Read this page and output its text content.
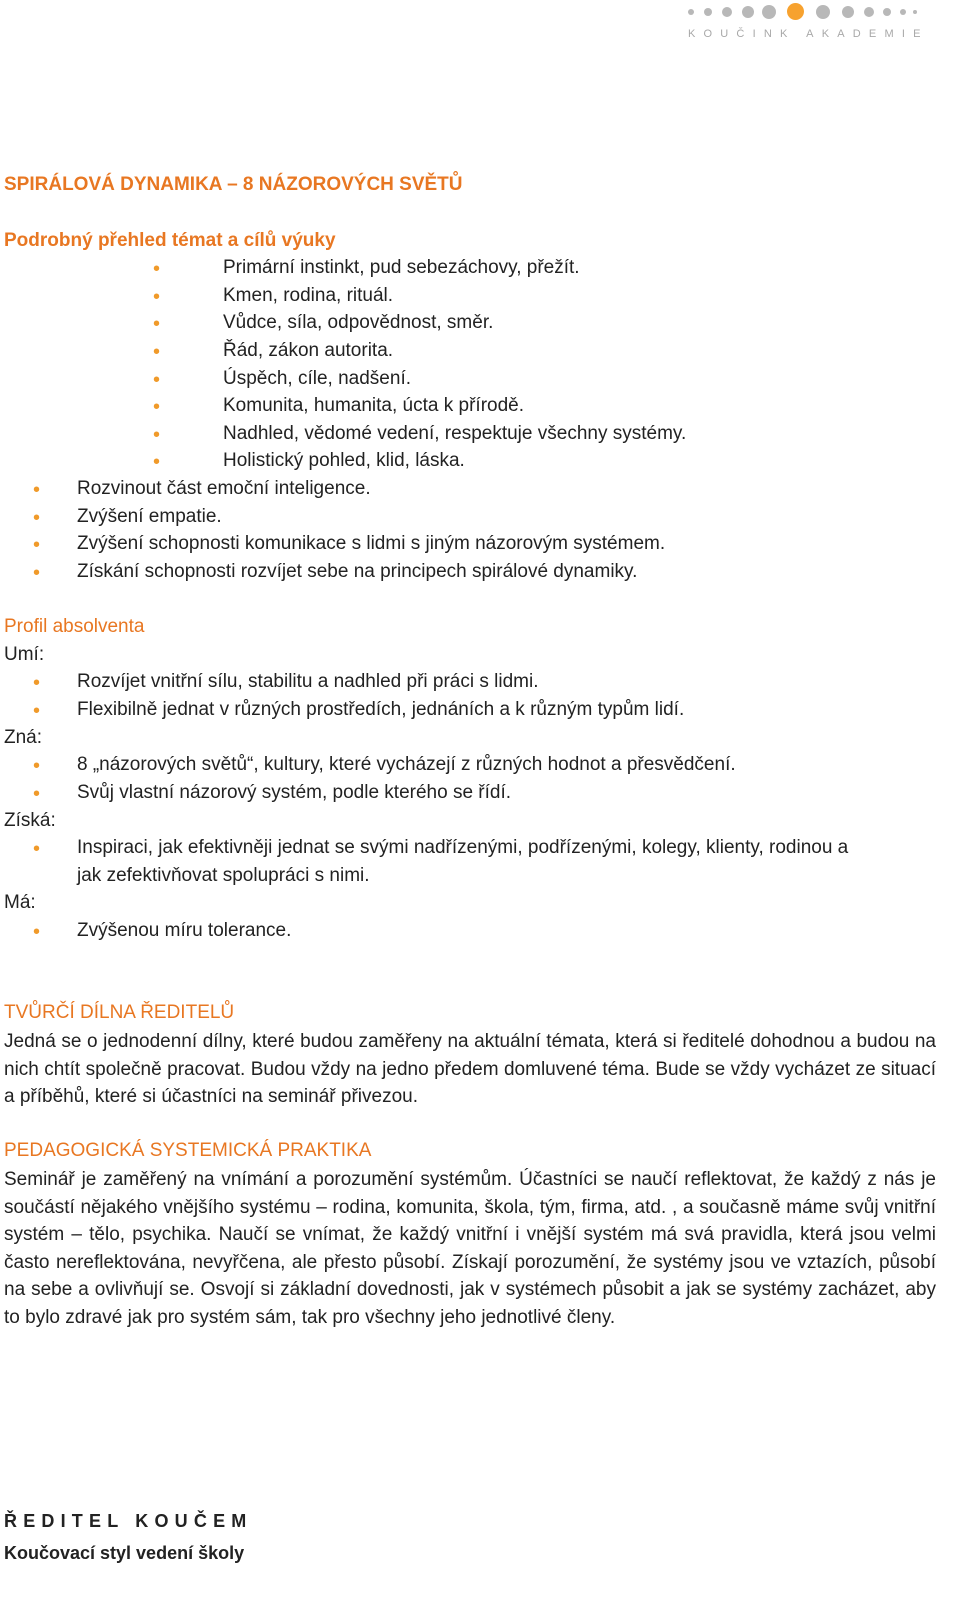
KOUČINK AKADEMIE
SPIRÁLOVÁ DYNAMIKA – 8 NÁZOROVÝCH SVĚTŮ
Podrobný přehled témat a cílů výuky
•	Primární instinkt, pud sebezáchovy, přežít.
•	Kmen, rodina, rituál.
•	Vůdce, síla, odpovědnost, směr.
•	Řád, zákon autorita.
•	Úspěch, cíle, nadšení.
•	Komunita, humanita, úcta k přírodě.
•	Nadhled, vědomé vedení, respektuje všechny systémy.
•	Holistický pohled, klid, láska.
• Rozvinout část emoční inteligence.
• Zvýšení empatie.
• Zvýšení schopnosti komunikace s lidmi s jiným názorovým systémem.
• Získání schopnosti rozvíjet sebe na principech spirálové dynamiky.
Profil absolventa
Umí:
• Rozvíjet vnitřní sílu, stabilitu a nadhled při práci s lidmi.
• Flexibilně jednat v různých prostředích, jednáních a k různým typům lidí.
Zná:
• 8 „názorových světů“, kultury, které vycházejí z různých hodnot a přesvědčení.
• Svůj vlastní názorový systém, podle kterého se řídí.
Získá:
• Inspiraci, jak efektivněji jednat se svými nadřízenými, podřízenými, kolegy, klienty, rodinou a
jak zefektivňovat spolupráci s nimi.
Má:
• Zvýšenou míru tolerance.
TVŮRČÍ DÍLNA ŘEDITELŮ

Jedná se o jednodenní dílny, které budou zaměřeny na aktuální témata, která si ředitelé dohodnou a budou na nich chtít společně pracovat. Budou vždy na jedno předem domluvené téma. Bude se vždy vycházet ze situací a příběhů, které si účastníci na seminář přivezou.

PEDAGOGICKÁ SYSTEMICKÁ PRAKTIKA

Seminář je zaměřený na vnímání a porozumění systémům. Účastníci se naučí reflektovat, že každý z nás je součástí nějakého vnějšího systému – rodina, komunita, škola, tým, firma, atd. , a současně máme svůj vnitřní systém – tělo, psychika. Naučí se vnímat, že každý vnitřní i vnější systém má svá pravidla, která jsou velmi často nereflektována, nevyřčena, ale přesto působí. Získají porozumění, že systémy jsou ve vztazích, působí na sebe a ovlivňují se. Osvojí si základní dovednosti, jak v systémech působit a jak se systémy zacházet, aby to bylo zdravé jak pro systém sám, tak pro všechny jeho jednotlivé členy.

ŘEDITEL KOUČEM
Koučovací styl vedení školy
